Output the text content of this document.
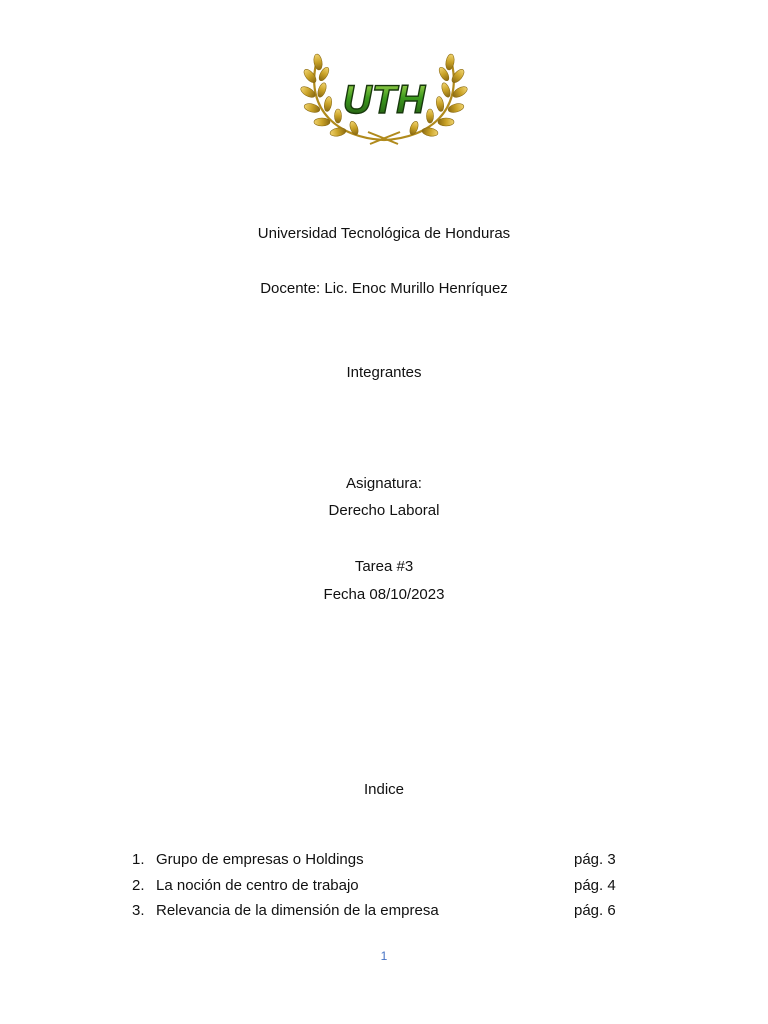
UTH
Universidad Tecnológica de Honduras
Docente: Lic. Enoc Murillo Henríquez
Integrantes
Asignatura:
Derecho Laboral
Tarea #3
Fecha 08/10/2023
Indice
1. Grupo de empresas o Holdings	pág. 3
2. La noción de centro de trabajo	pág. 4
3. Relevancia de la dimensión de la empresa	pág. 6
1
